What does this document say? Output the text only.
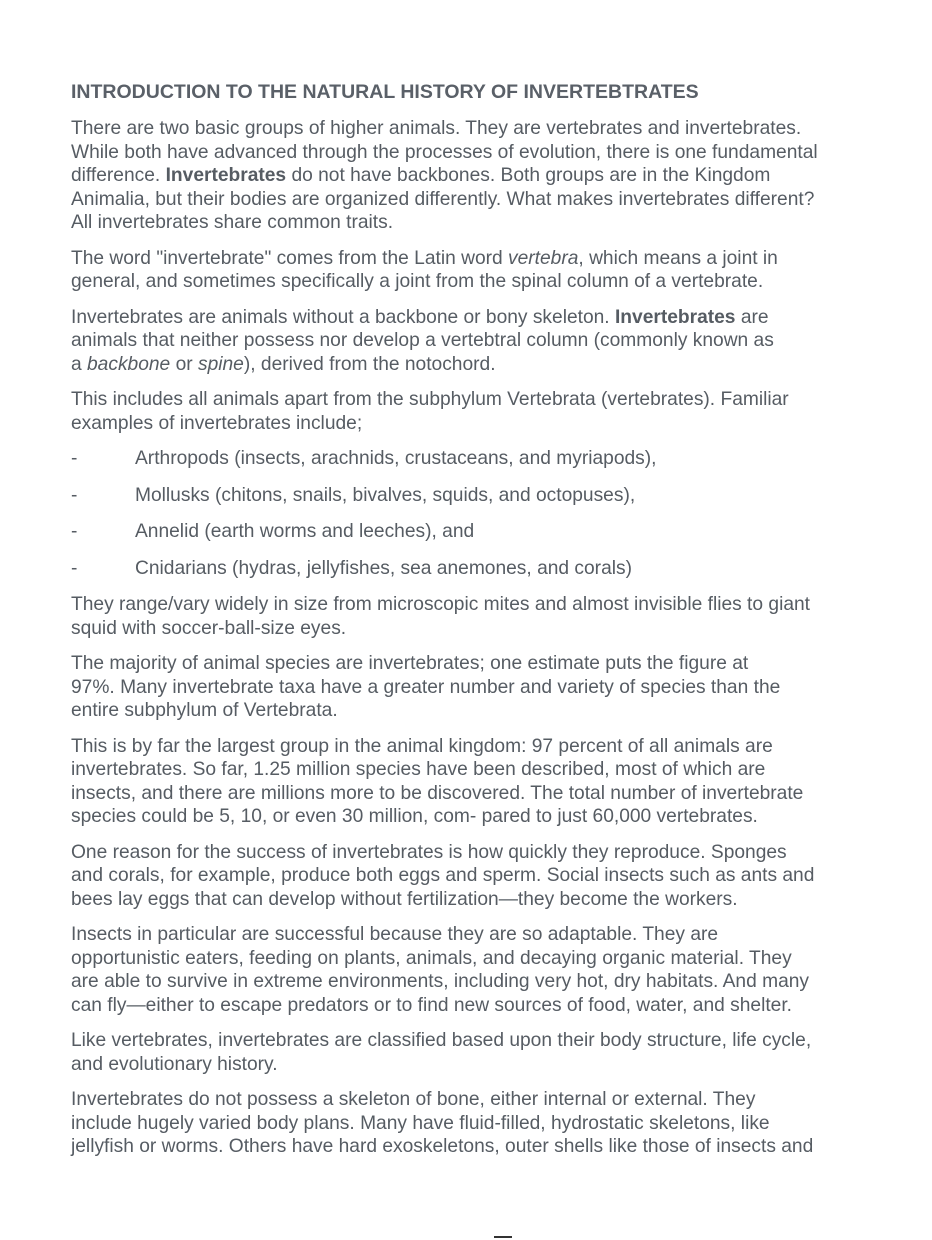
INTRODUCTION TO THE NATURAL HISTORY OF INVERTEBTRATES

There are two basic groups of higher animals. They are vertebrates and invertebrates.
While both have advanced through the processes of evolution, there is one fundamental
difference. Invertebrates do not have backbones. Both groups are in the Kingdom
Animalia, but their bodies are organized differently. What makes invertebrates different?
All invertebrates share common traits.

The word "invertebrate" comes from the Latin word vertebra, which means a joint in
general, and sometimes specifically a joint from the spinal column of a vertebrate.

Invertebrates are animals without a backbone or bony skeleton. Invertebrates are
animals that neither possess nor develop a vertebtral column (commonly known as
a backbone or spine), derived from the notochord.

This includes all animals apart from the subphylum Vertebrata (vertebrates). Familiar
examples of invertebrates include;

-	Arthropods (insects, arachnids, crustaceans, and myriapods),
-	Mollusks (chitons, snails, bivalves, squids, and octopuses),
-	Annelid (earth worms and leeches), and
-	Cnidarians (hydras, jellyfishes, sea anemones, and corals)

They range/vary widely in size from microscopic mites and almost invisible flies to giant
squid with soccer-ball-size eyes.

The majority of animal species are invertebrates; one estimate puts the figure at
97%. Many invertebrate taxa have a greater number and variety of species than the
entire subphylum of Vertebrata.

This is by far the largest group in the animal kingdom: 97 percent of all animals are
invertebrates. So far, 1.25 million species have been described, most of which are
insects, and there are millions more to be discovered. The total number of invertebrate
species could be 5, 10, or even 30 million, com- pared to just 60,000 vertebrates.

One reason for the success of invertebrates is how quickly they reproduce. Sponges
and corals, for example, produce both eggs and sperm. Social insects such as ants and
bees lay eggs that can develop without fertilization—they become the workers.

Insects in particular are successful because they are so adaptable. They are
opportunistic eaters, feeding on plants, animals, and decaying organic material. They
are able to survive in extreme environments, including very hot, dry habitats. And many
can fly—either to escape predators or to find new sources of food, water, and shelter.

Like vertebrates, invertebrates are classified based upon their body structure, life cycle,
and evolutionary history.

Invertebrates do not possess a skeleton of bone, either internal or external. They
include hugely varied body plans. Many have fluid-filled, hydrostatic skeletons, like
jellyfish or worms. Others have hard exoskeletons, outer shells like those of insects and
